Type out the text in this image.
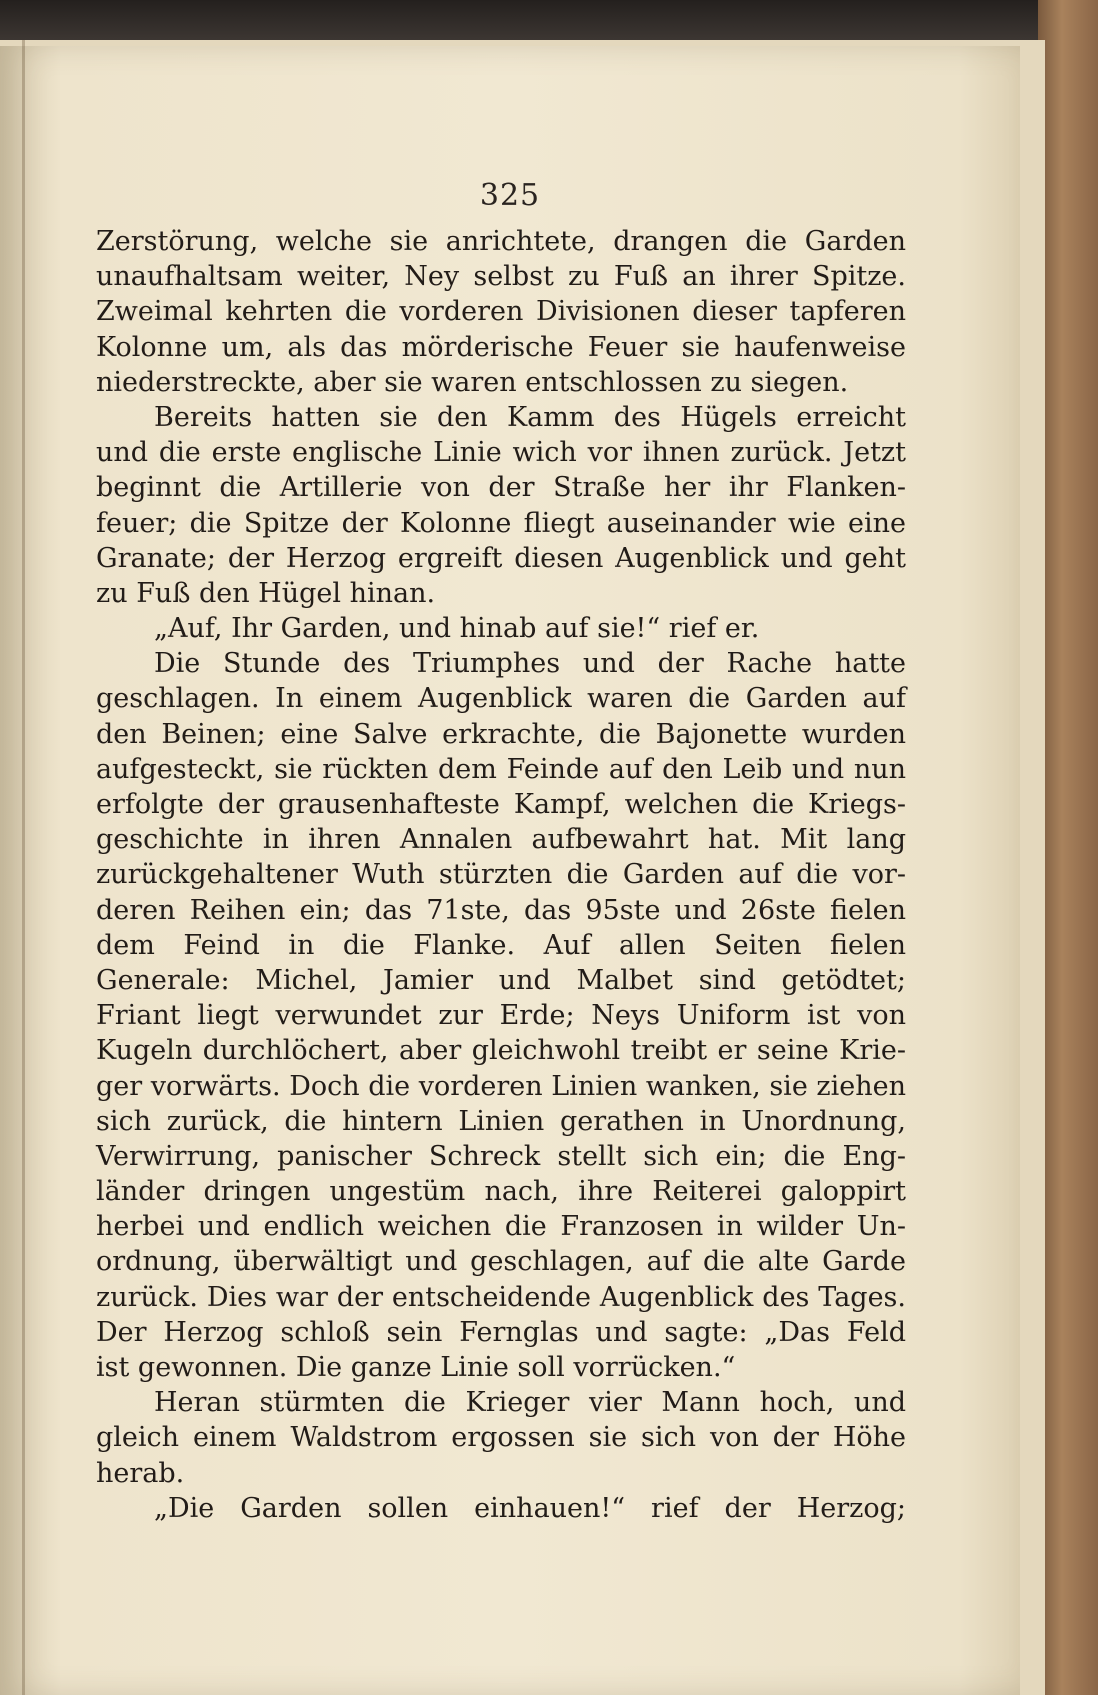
325
Zerstörung, welche sie anrichtete, drangen die Garden
unaufhaltsam weiter, Ney selbst zu Fuß an ihrer Spitze.
Zweimal kehrten die vorderen Divisionen dieser tapferen
Kolonne um, als das mörderische Feuer sie haufenweise
niederstreckte, aber sie waren entschlossen zu siegen.
Bereits hatten sie den Kamm des Hügels erreicht
und die erste englische Linie wich vor ihnen zurück. Jetzt
beginnt die Artillerie von der Straße her ihr Flanken-
feuer; die Spitze der Kolonne fliegt auseinander wie eine
Granate; der Herzog ergreift diesen Augenblick und geht
zu Fuß den Hügel hinan.
„Auf, Ihr Garden, und hinab auf sie!“ rief er.
Die Stunde des Triumphes und der Rache hatte
geschlagen. In einem Augenblick waren die Garden auf
den Beinen; eine Salve erkrachte, die Bajonette wurden
aufgesteckt, sie rückten dem Feinde auf den Leib und nun
erfolgte der grausenhafteste Kampf, welchen die Kriegs-
geschichte in ihren Annalen aufbewahrt hat. Mit lang
zurückgehaltener Wuth stürzten die Garden auf die vor-
deren Reihen ein; das 71ste, das 95ste und 26ste fielen
dem Feind in die Flanke. Auf allen Seiten fielen
Generale: Michel, Jamier und Malbet sind getödtet;
Friant liegt verwundet zur Erde; Neys Uniform ist von
Kugeln durchlöchert, aber gleichwohl treibt er seine Krie-
ger vorwärts. Doch die vorderen Linien wanken, sie ziehen
sich zurück, die hintern Linien gerathen in Unordnung,
Verwirrung, panischer Schreck stellt sich ein; die Eng-
länder dringen ungestüm nach, ihre Reiterei galoppirt
herbei und endlich weichen die Franzosen in wilder Un-
ordnung, überwältigt und geschlagen, auf die alte Garde
zurück. Dies war der entscheidende Augenblick des Tages.
Der Herzog schloß sein Fernglas und sagte: „Das Feld
ist gewonnen. Die ganze Linie soll vorrücken.“
Heran stürmten die Krieger vier Mann hoch, und
gleich einem Waldstrom ergossen sie sich von der Höhe
herab.
„Die Garden sollen einhauen!“ rief der Herzog;
